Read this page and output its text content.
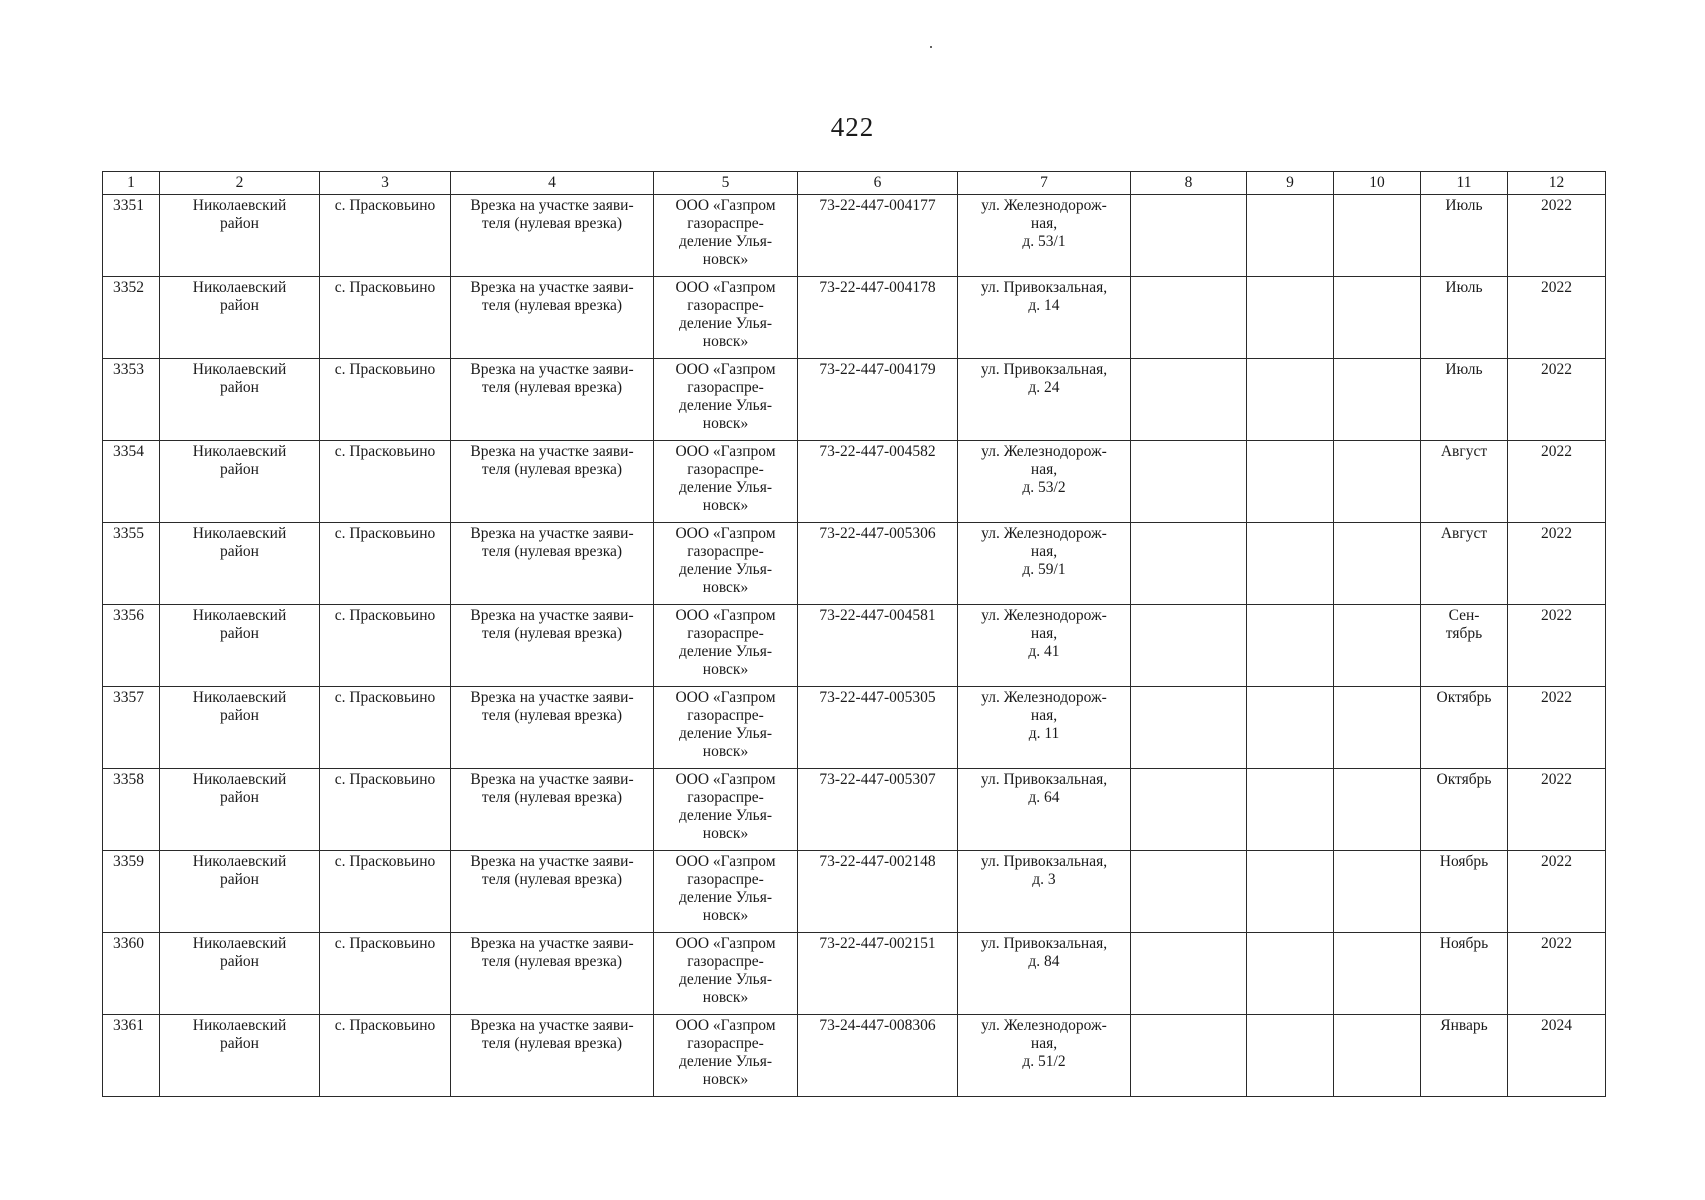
422
1	2	3	4	5	6	7	8	9	10	11	12
3351	Николаевский
район	с. Прасковьино	Врезка на участке заяви-
теля (нулевая врезка)	ООО «Газпром
газораспре-
деление Улья-
новск»	73-22-447-004177	ул. Железнодорож-
ная,
д. 53/1				Июль	2022
3352	Николаевский
район	с. Прасковьино	Врезка на участке заяви-
теля (нулевая врезка)	ООО «Газпром
газораспре-
деление Улья-
новск»	73-22-447-004178	ул. Привокзальная,
д. 14				Июль	2022
3353	Николаевский
район	с. Прасковьино	Врезка на участке заяви-
теля (нулевая врезка)	ООО «Газпром
газораспре-
деление Улья-
новск»	73-22-447-004179	ул. Привокзальная,
д. 24				Июль	2022
3354	Николаевский
район	с. Прасковьино	Врезка на участке заяви-
теля (нулевая врезка)	ООО «Газпром
газораспре-
деление Улья-
новск»	73-22-447-004582	ул. Железнодорож-
ная,
д. 53/2				Август	2022
3355	Николаевский
район	с. Прасковьино	Врезка на участке заяви-
теля (нулевая врезка)	ООО «Газпром
газораспре-
деление Улья-
новск»	73-22-447-005306	ул. Железнодорож-
ная,
д. 59/1				Август	2022
3356	Николаевский
район	с. Прасковьино	Врезка на участке заяви-
теля (нулевая врезка)	ООО «Газпром
газораспре-
деление Улья-
новск»	73-22-447-004581	ул. Железнодорож-
ная,
д. 41				Сен-
тябрь	2022
3357	Николаевский
район	с. Прасковьино	Врезка на участке заяви-
теля (нулевая врезка)	ООО «Газпром
газораспре-
деление Улья-
новск»	73-22-447-005305	ул. Железнодорож-
ная,
д. 11				Октябрь	2022
3358	Николаевский
район	с. Прасковьино	Врезка на участке заяви-
теля (нулевая врезка)	ООО «Газпром
газораспре-
деление Улья-
новск»	73-22-447-005307	ул. Привокзальная,
д. 64				Октябрь	2022
3359	Николаевский
район	с. Прасковьино	Врезка на участке заяви-
теля (нулевая врезка)	ООО «Газпром
газораспре-
деление Улья-
новск»	73-22-447-002148	ул. Привокзальная,
д. 3				Ноябрь	2022
3360	Николаевский
район	с. Прасковьино	Врезка на участке заяви-
теля (нулевая врезка)	ООО «Газпром
газораспре-
деление Улья-
новск»	73-22-447-002151	ул. Привокзальная,
д. 84				Ноябрь	2022
3361	Николаевский
район	с. Прасковьино	Врезка на участке заяви-
теля (нулевая врезка)	ООО «Газпром
газораспре-
деление Улья-
новск»	73-24-447-008306	ул. Железнодорож-
ная,
д. 51/2				Январь	2024
